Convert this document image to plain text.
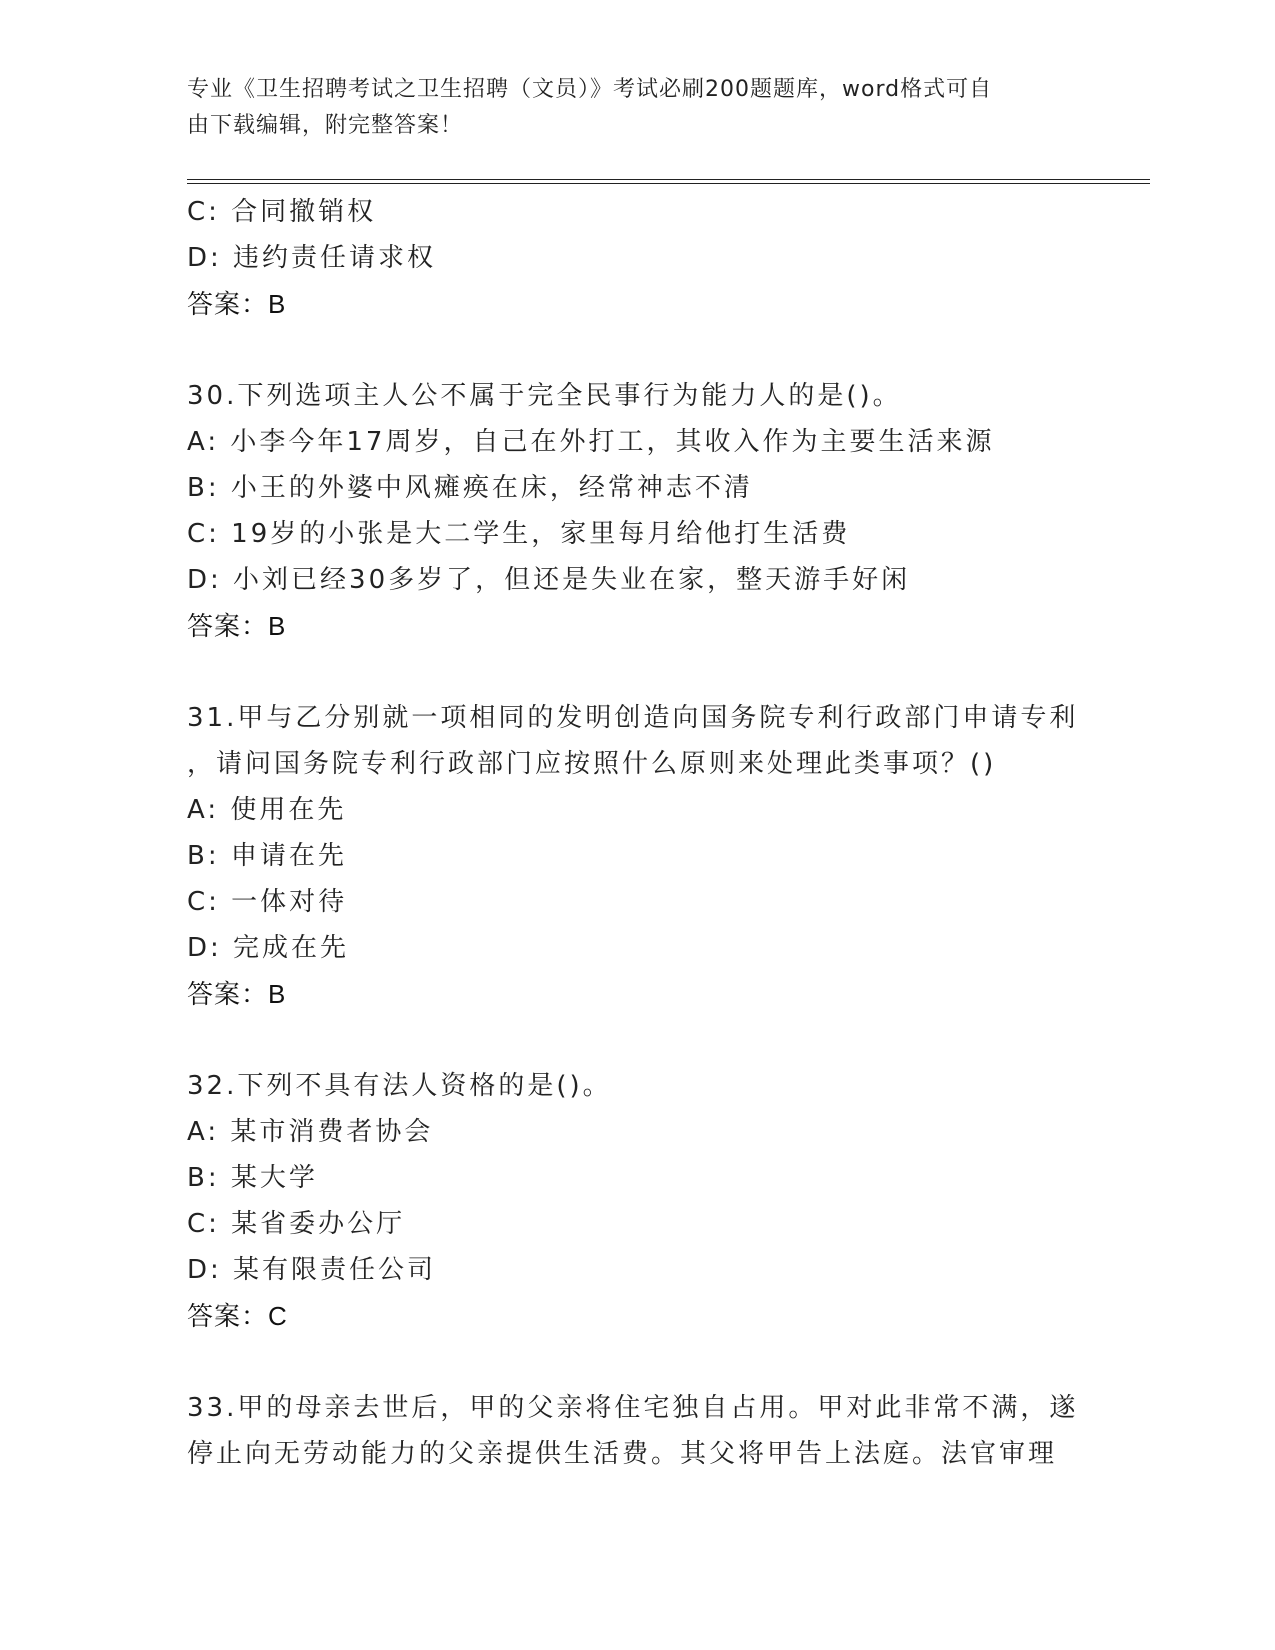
专业《卫生招聘考试之卫生招聘（文员）》考试必刷200题题库，word格式可自
由下载编辑，附完整答案！
C: 合同撤销权
D: 违约责任请求权
答案：B
30.下列选项主人公不属于完全民事行为能力人的是()。
A: 小李今年17周岁，自己在外打工，其收入作为主要生活来源
B: 小王的外婆中风瘫痪在床，经常神志不清
C: 19岁的小张是大二学生，家里每月给他打生活费
D: 小刘已经30多岁了，但还是失业在家，整天游手好闲
答案：B
31.甲与乙分别就一项相同的发明创造向国务院专利行政部门申请专利
，请问国务院专利行政部门应按照什么原则来处理此类事项？()
A: 使用在先
B: 申请在先
C: 一体对待
D: 完成在先
答案：B
32.下列不具有法人资格的是()。
A: 某市消费者协会
B: 某大学
C: 某省委办公厅
D: 某有限责任公司
答案：C
33.甲的母亲去世后，甲的父亲将住宅独自占用。甲对此非常不满，遂
停止向无劳动能力的父亲提供生活费。其父将甲告上法庭。法官审理
